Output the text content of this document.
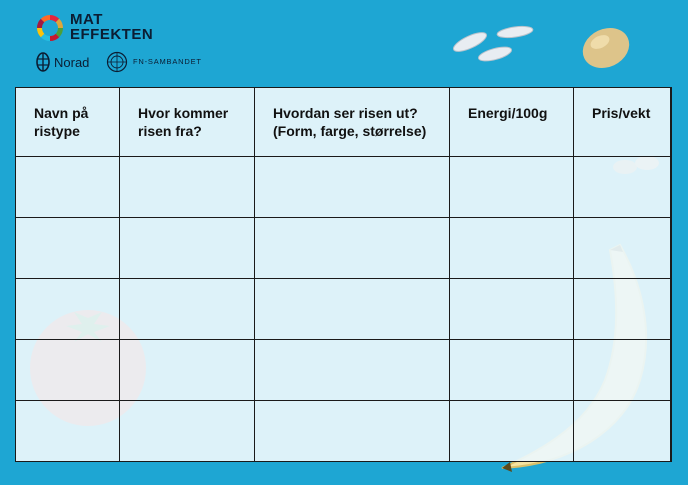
MAT
EFFEKTEN
Norad	FN-SAMBANDET
Navn på ristype	Hvor kommer risen fra?	Hvordan ser risen ut? (Form, farge, størrelse)	Energi/100g	Pris/vekt
